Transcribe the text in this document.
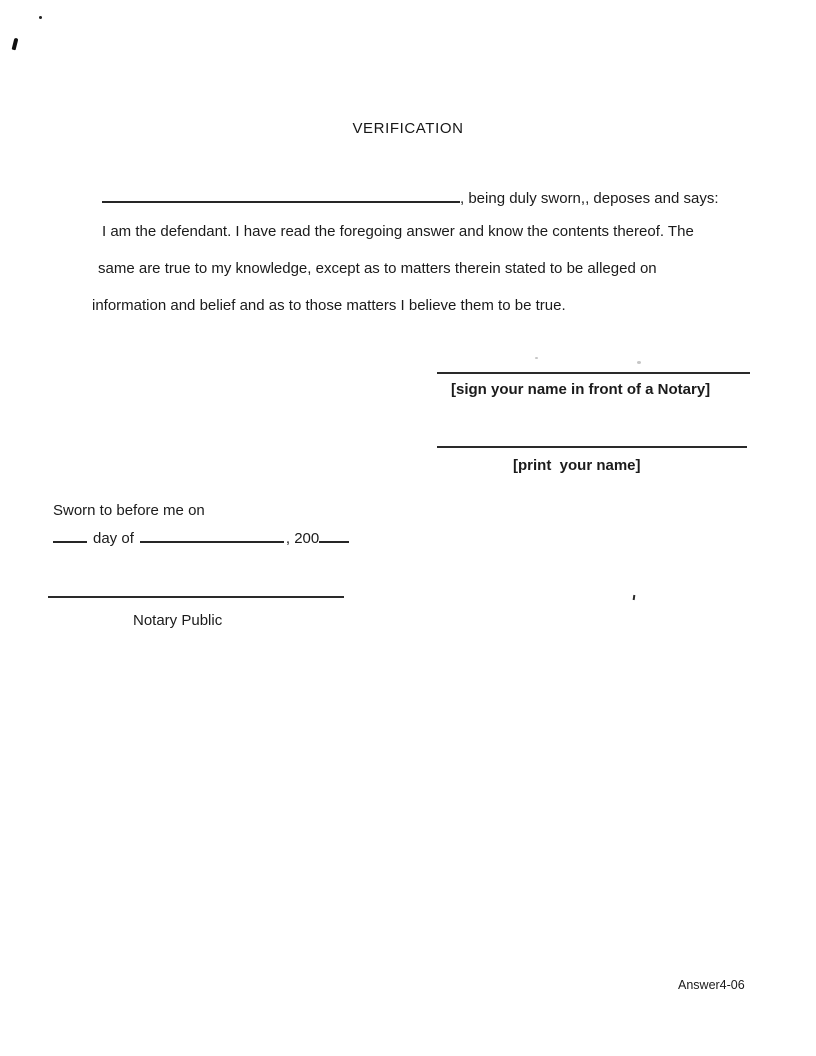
VERIFICATION
, being duly sworn,, deposes and says:
I am the defendant. I have read the foregoing answer and know the contents thereof. The
same are true to my knowledge, except as to matters therein stated to be alleged on
information and belief and as to those matters I believe them to be true.
[sign your name in front of a Notary]
[print  your name]
Sworn to before me on
day of	, 200
Notary Public
Answer4-06
